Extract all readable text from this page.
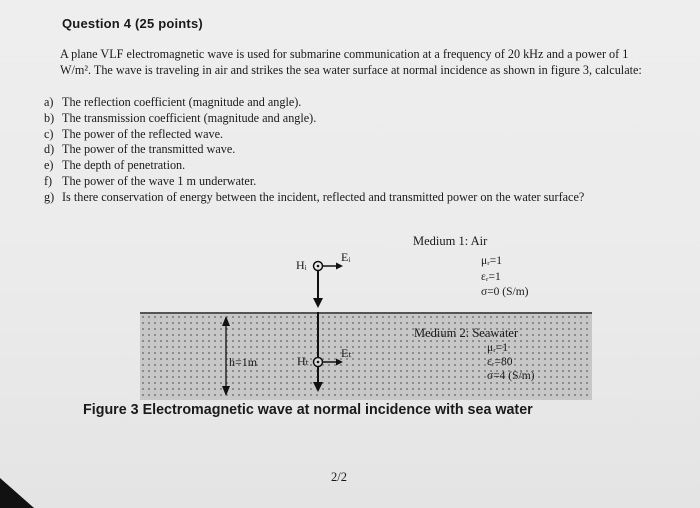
Question 4 (25 points)

A plane VLF electromagnetic wave is used for submarine communication at a frequency of 20 kHz and a power of 1 W/m². The wave is traveling in air and strikes the sea water surface at normal incidence as shown in figure 3, calculate:

a) The reflection coefficient (magnitude and angle).
b) The transmission coefficient (magnitude and angle).
c) The power of the reflected wave.
d) The power of the transmitted wave.
e) The depth of penetration.
f) The power of the wave 1 m underwater.
g) Is there conservation of energy between the incident, reflected and transmitted power on the water surface?
Medium 1: Air
μᵣ=1
εᵣ=1
σ=0 (S/m)
Medium 2: Seawater
μᵣ=1
εᵣ=80
σ=4 (S/m)
Hᵢ
Eᵢ
Hₜ
Eₜ
h=1m

Figure 3 Electromagnetic wave at normal incidence with sea water

2/2
